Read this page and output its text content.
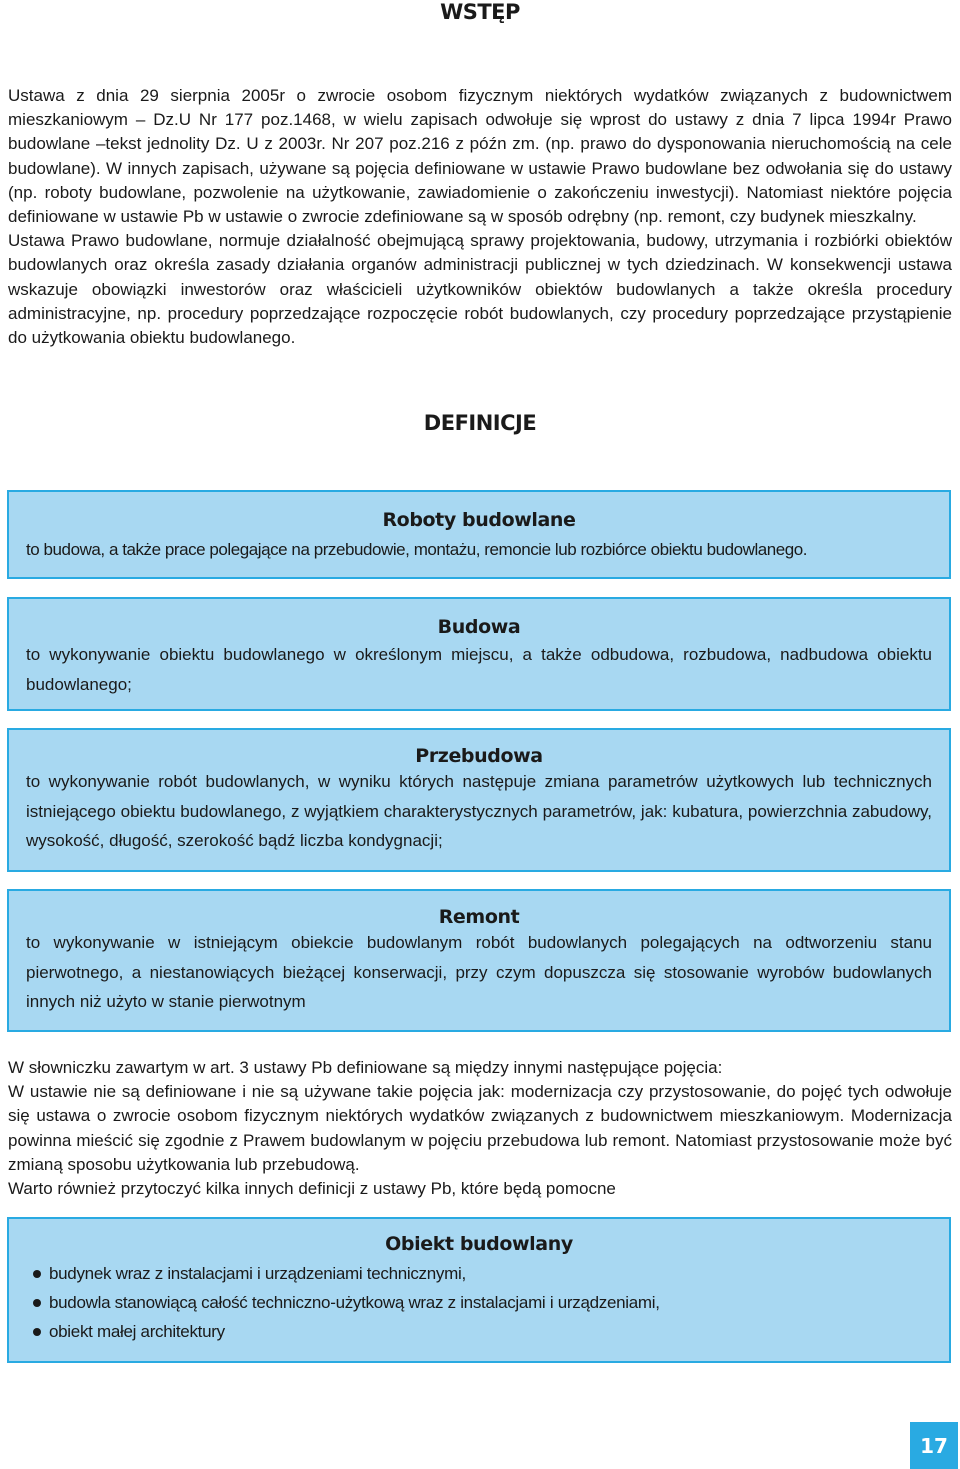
WSTĘP

Ustawa z dnia 29 sierpnia 2005r o zwrocie osobom fizycznym niektórych wydatków związanych z budownictwem mieszkaniowym – Dz.U Nr 177 poz.1468, w wielu zapisach odwołuje się wprost do ustawy z dnia 7 lipca 1994r Prawo budowlane –tekst jednolity Dz. U z 2003r. Nr 207 poz.216 z późn zm. (np. prawo do dysponowania nieruchomością na cele budowlane). W innych zapisach, używane są pojęcia definiowane w ustawie Prawo budowlane bez odwołania się do ustawy (np. roboty budowlane, pozwolenie na użytkowanie, zawiadomienie o zakończeniu inwestycji). Natomiast niektóre pojęcia definiowane w ustawie Pb w ustawie o zwrocie zdefiniowane są w sposób odrębny (np. remont, czy budynek mieszkalny.

Ustawa Prawo budowlane, normuje działalność obejmującą sprawy projektowania, budowy, utrzymania i rozbiórki obiektów budowlanych oraz określa zasady działania organów administracji publicznej w tych dziedzinach. W konsekwencji ustawa wskazuje obowiązki inwestorów oraz właścicieli użytkowników obiektów budowlanych a także określa procedury administracyjne, np. procedury poprzedzające rozpoczęcie robót budowlanych, czy procedury poprzedzające przystąpienie do użytkowania obiektu budowlanego.

DEFINICJE

Roboty budowlane

to budowa, a także prace polegające na przebudowie, montażu, remoncie lub rozbiórce obiektu budowlanego.

Budowa

to wykonywanie obiektu budowlanego w określonym miejscu, a także odbudowa, rozbudowa, nadbudowa obiektu budowlanego;

Przebudowa

to wykonywanie robót budowlanych, w wyniku których następuje zmiana parametrów użytkowych lub technicznych istniejącego obiektu budowlanego, z wyjątkiem charakterystycznych parametrów, jak: kubatura, powierzchnia zabudowy, wysokość, długość, szerokość bądź liczba kondygnacji;

Remont

to wykonywanie w istniejącym obiekcie budowlanym robót budowlanych polegających na odtworzeniu stanu pierwotnego, a niestanowiących bieżącej konserwacji, przy czym dopuszcza się stosowanie wyrobów budowlanych innych niż użyto w stanie pierwotnym

W słowniczku zawartym w art. 3 ustawy Pb definiowane są między innymi następujące pojęcia:

W ustawie nie są definiowane i nie są używane takie pojęcia jak: modernizacja czy przystosowanie, do pojęć tych odwołuje się ustawa o zwrocie osobom fizycznym niektórych wydatków związanych z budownictwem mieszkaniowym. Modernizacja powinna mieścić się zgodnie z Prawem budowlanym w pojęciu przebudowa lub remont. Natomiast przystosowanie może być zmianą sposobu użytkowania lub przebudową.

Warto również przytoczyć kilka innych definicji z ustawy Pb, które będą pomocne

Obiekt budowlany

budynek wraz z instalacjami i urządzeniami technicznymi,
budowla stanowiącą całość techniczno-użytkową wraz z instalacjami i urządzeniami,
obiekt małej architektury
17
